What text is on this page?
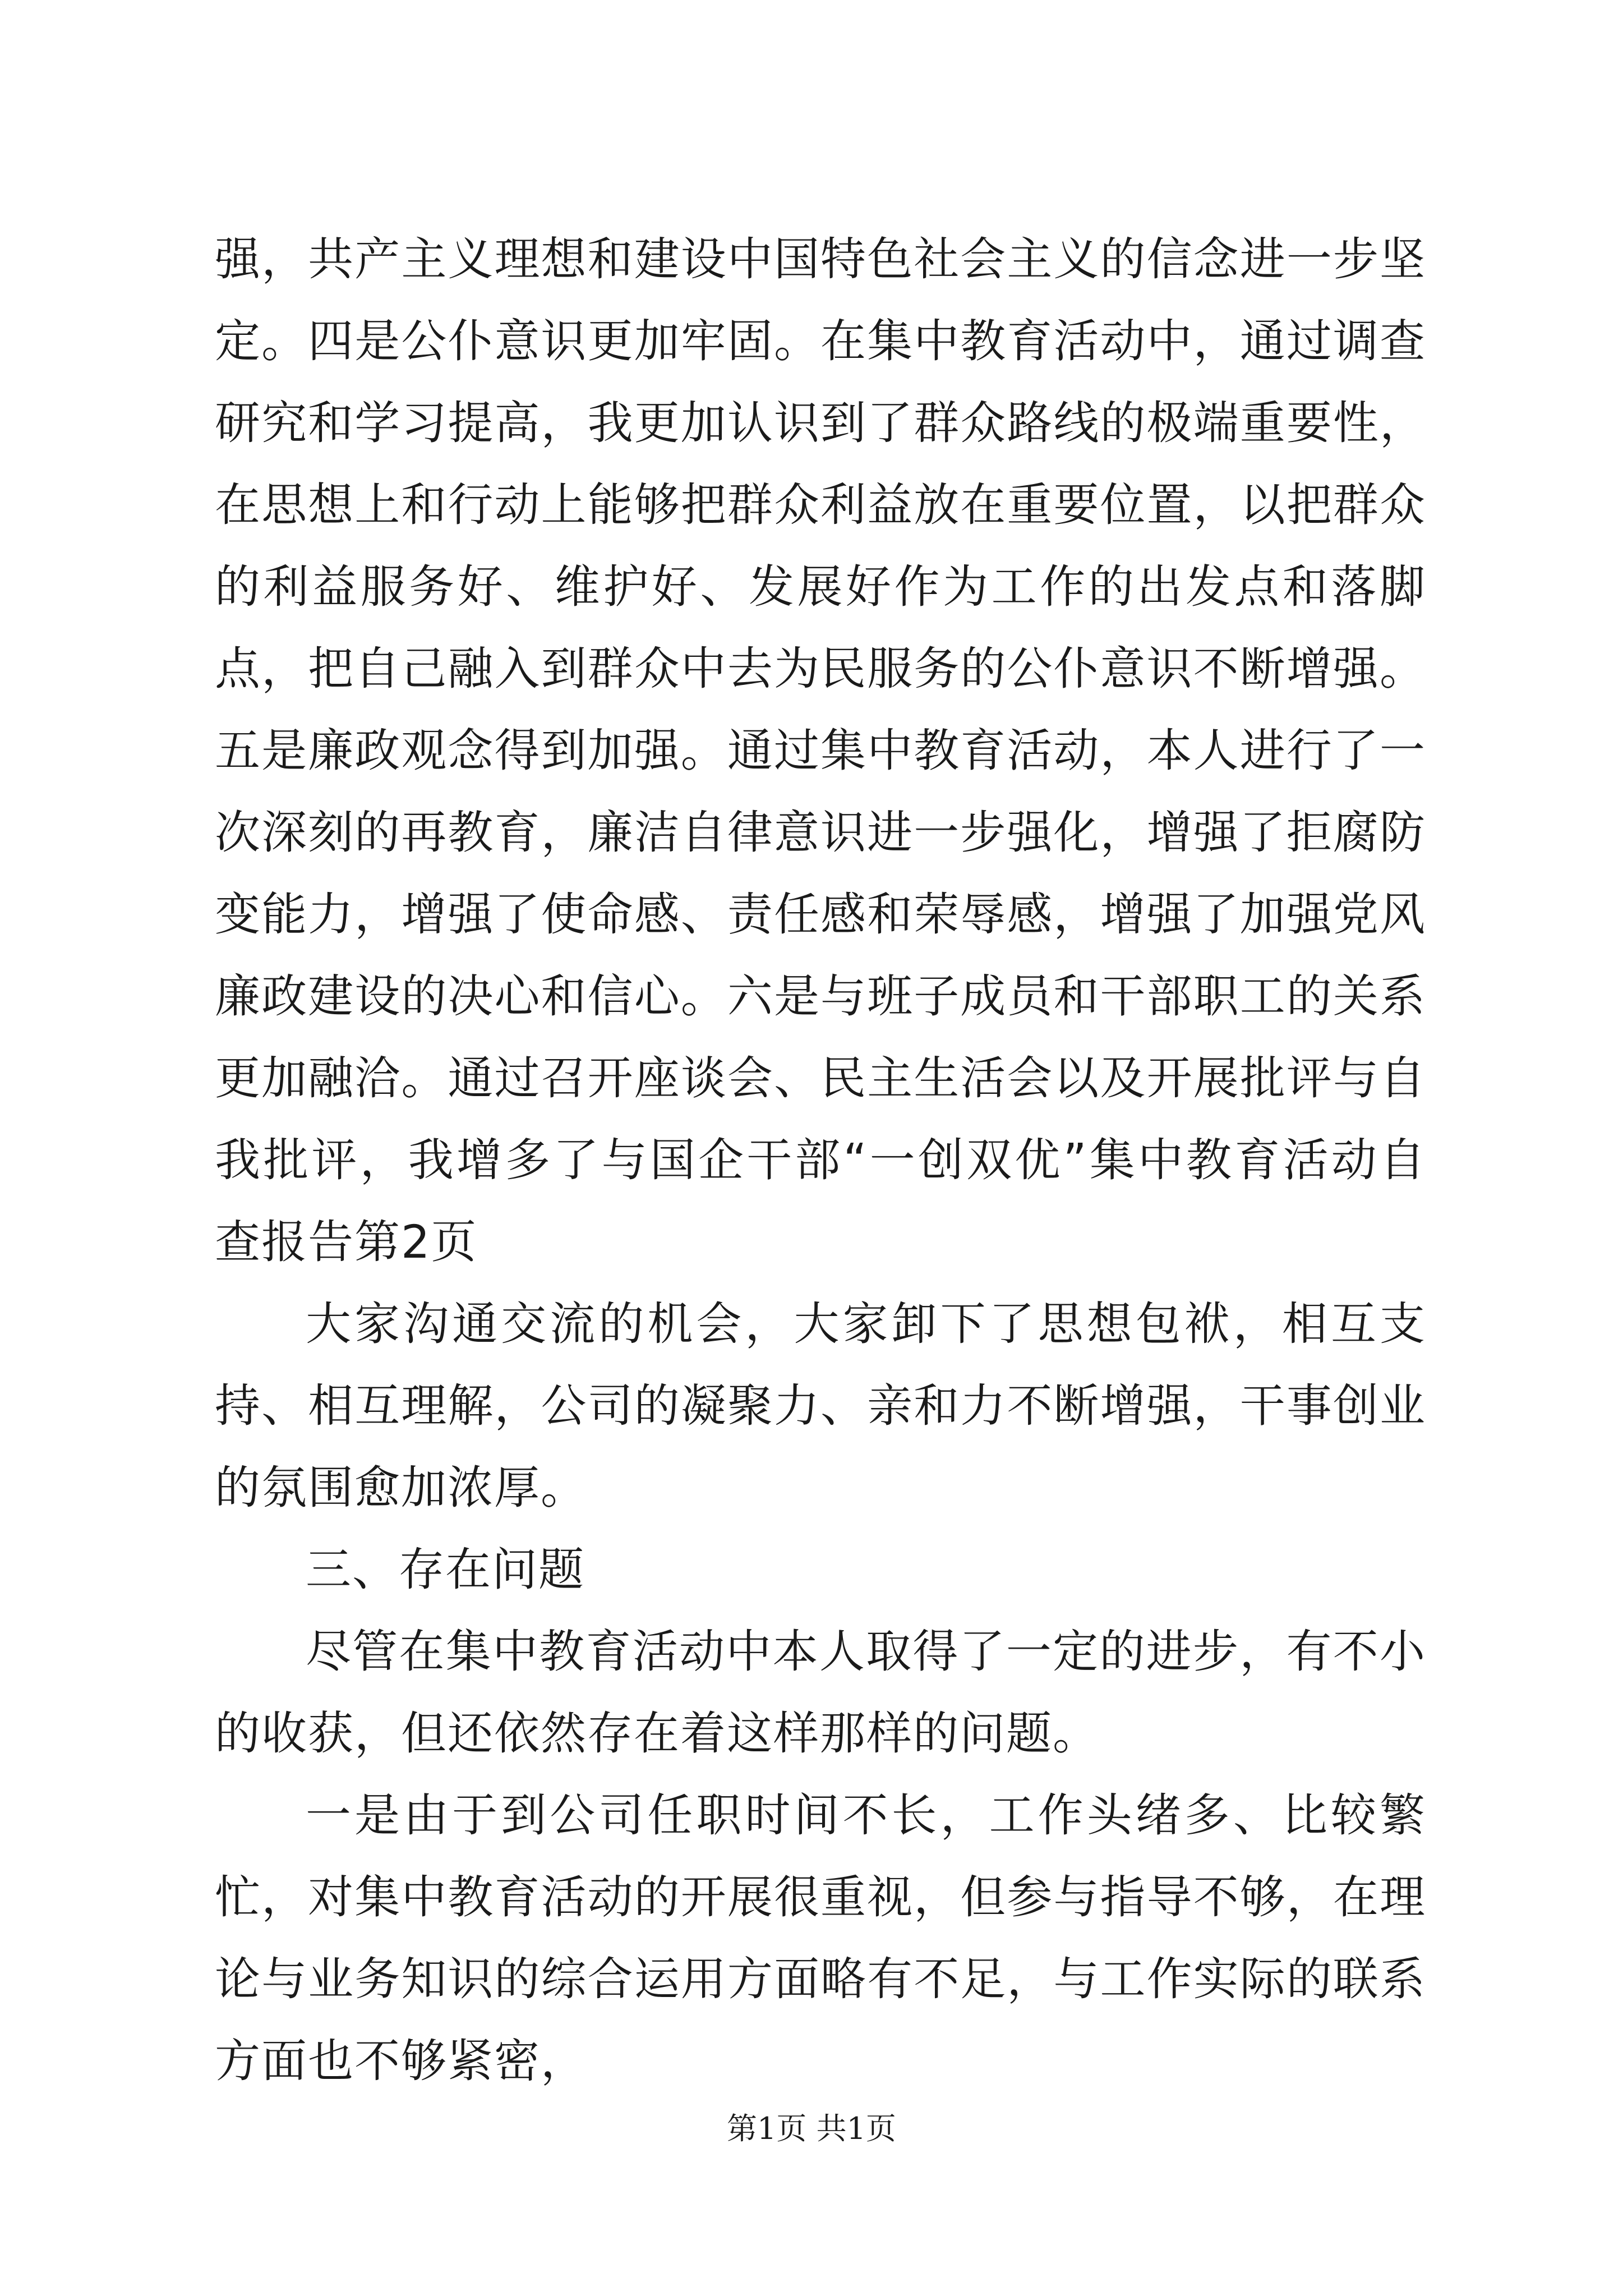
强，共产主义理想和建设中国特色社会主义的信念进一步坚定。四是公仆意识更加牢固。在集中教育活动中，通过调查研究和学习提高，我更加认识到了群众路线的极端重要性，在思想上和行动上能够把群众利益放在重要位置，以把群众的利益服务好、维护好、发展好作为工作的出发点和落脚点，把自己融入到群众中去为民服务的公仆意识不断增强。五是廉政观念得到加强。通过集中教育活动，本人进行了一次深刻的再教育，廉洁自律意识进一步强化，增强了拒腐防变能力，增强了使命感、责任感和荣辱感，增强了加强党风廉政建设的决心和信心。六是与班子成员和干部职工的关系更加融洽。通过召开座谈会、民主生活会以及开展批评与自我批评，我增多了与国企干部“一创双优”集中教育活动自查报告第2页

大家沟通交流的机会，大家卸下了思想包袱，相互支持、相互理解，公司的凝聚力、亲和力不断增强，干事创业的氛围愈加浓厚。

三、存在问题

尽管在集中教育活动中本人取得了一定的进步，有不小的收获，但还依然存在着这样那样的问题。

一是由于到公司任职时间不长，工作头绪多、比较繁忙，对集中教育活动的开展很重视，但参与指导不够，在理论与业务知识的综合运用方面略有不足，与工作实际的联系方面也不够紧密，

第1页 共1页
